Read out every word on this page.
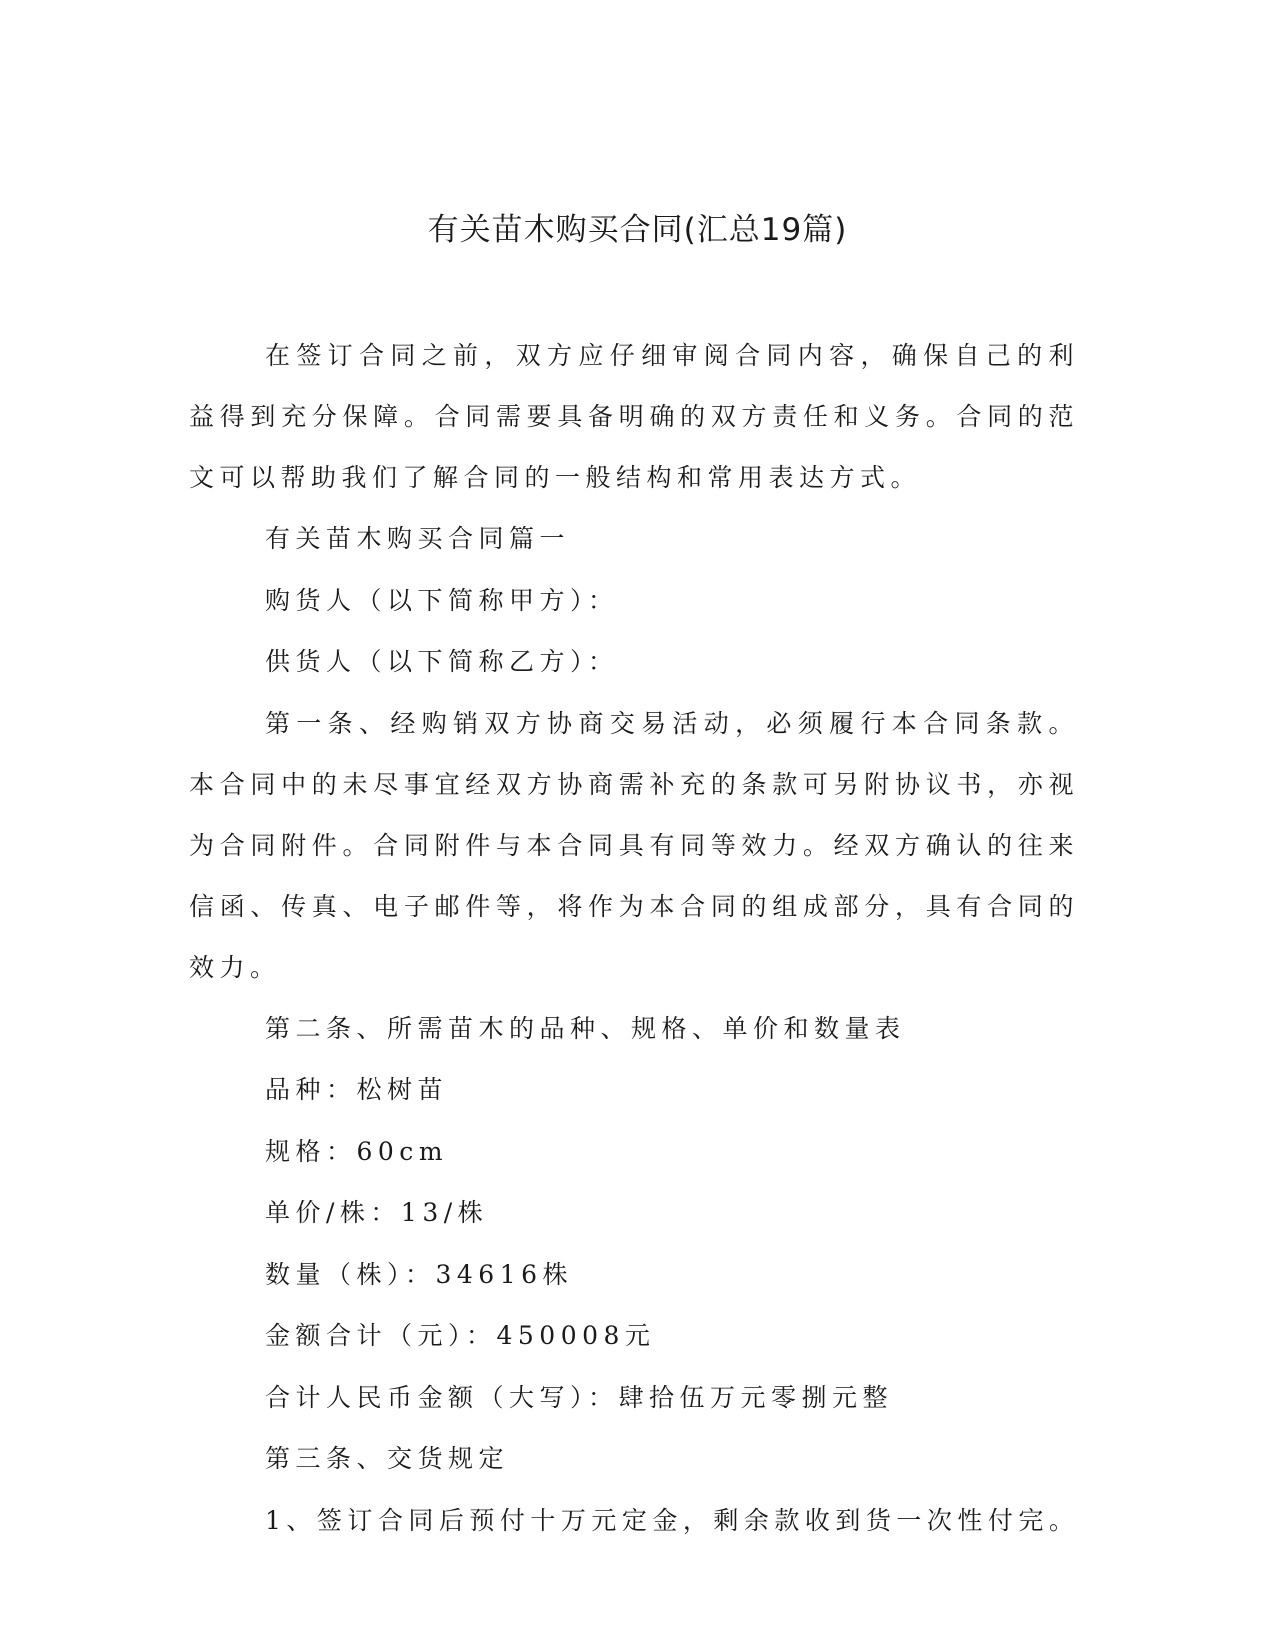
有关苗木购买合同(汇总19篇)

在签订合同之前，双方应仔细审阅合同内容，确保自己的利益得到充分保障。合同需要具备明确的双方责任和义务。合同的范文可以帮助我们了解合同的一般结构和常用表达方式。

有关苗木购买合同篇一

购货人（以下简称甲方）：

供货人（以下简称乙方）：

第一条、经购销双方协商交易活动，必须履行本合同条款。本合同中的未尽事宜经双方协商需补充的条款可另附协议书，亦视为合同附件。合同附件与本合同具有同等效力。经双方确认的往来信函、传真、电子邮件等，将作为本合同的组成部分，具有合同的效力。

第二条、所需苗木的品种、规格、单价和数量表

品种：松树苗

规格：60cm

单价/株：13/株

数量（株）：34616株

金额合计（元）：450008元

合计人民币金额（大写）：肆拾伍万元零捌元整

第三条、交货规定

1、签订合同后预付十万元定金，剩余款收到货一次性付完。
